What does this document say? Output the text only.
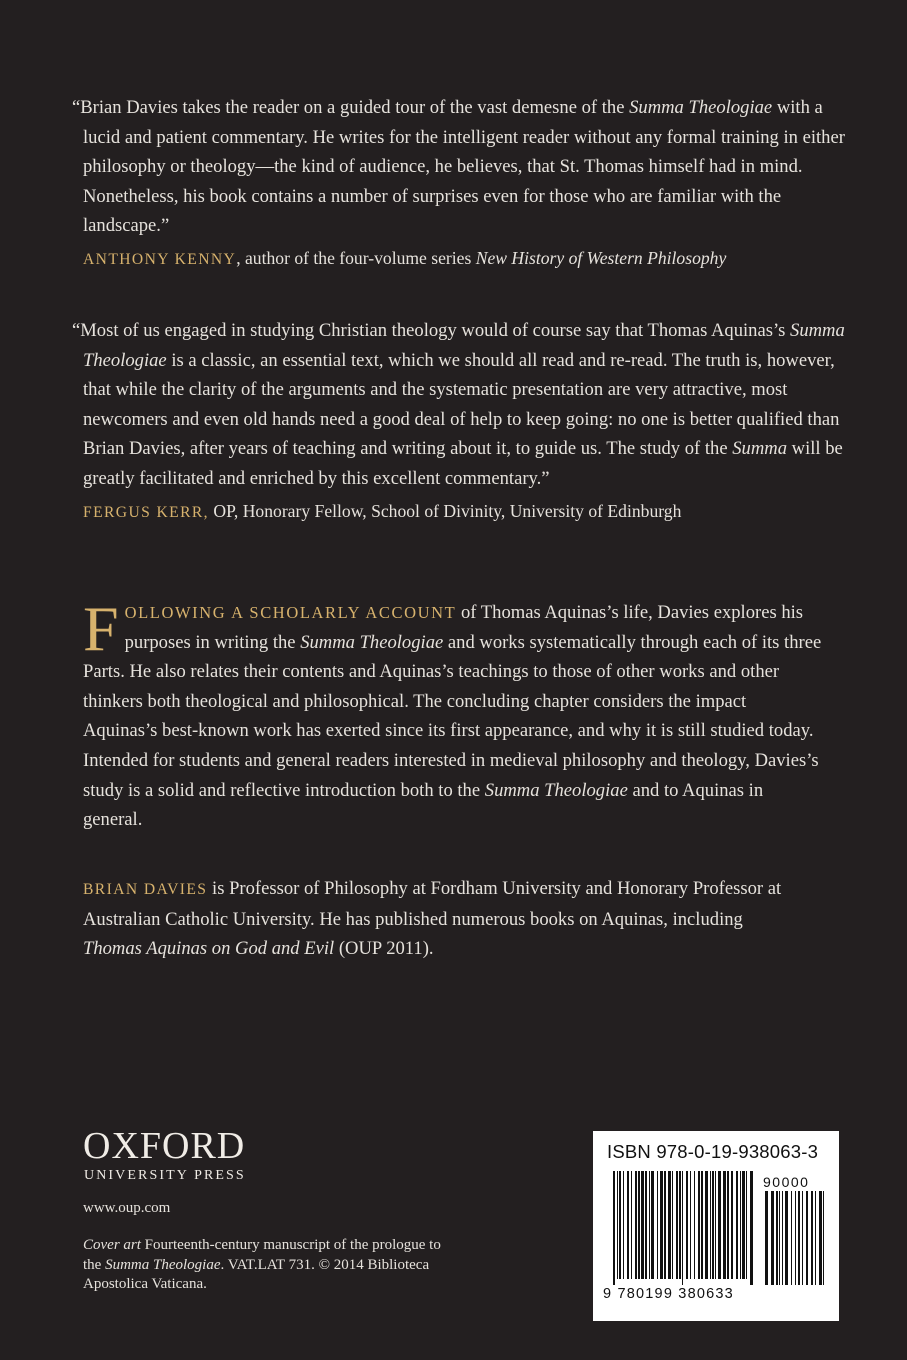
“Brian Davies takes the reader on a guided tour of the vast demesne of the Summa Theologiae with a lucid and patient commentary. He writes for the intelligent reader without any formal training in either philosophy or theology—the kind of audience, he believes, that St. Thomas himself had in mind. Nonetheless, his book contains a number of surprises even for those who are familiar with the landscape.”

ANTHONY KENNY, author of the four-volume series New History of Western Philosophy

“Most of us engaged in studying Christian theology would of course say that Thomas Aquinas’s Summa Theologiae is a classic, an essential text, which we should all read and re-read. The truth is, however, that while the clarity of the arguments and the systematic presentation are very attractive, most newcomers and even old hands need a good deal of help to keep going: no one is better qualified than Brian Davies, after years of teaching and writing about it, to guide us. The study of the Summa will be greatly facilitated and enriched by this excellent commentary.”

FERGUS KERR, OP, Honorary Fellow, School of Divinity, University of Edinburgh

FOLLOWING A SCHOLARLY ACCOUNT of Thomas Aquinas’s life, Davies explores his purposes in writing the Summa Theologiae and works systematically through each of its three Parts. He also relates their contents and Aquinas’s teachings to those of other works and other thinkers both theological and philosophical. The concluding chapter considers the impact Aquinas’s best-known work has exerted since its first appearance, and why it is still studied today. Intended for students and general readers interested in medieval philosophy and theology, Davies’s study is a solid and reflective introduction both to the Summa Theologiae and to Aquinas in general.

BRIAN DAVIES is Professor of Philosophy at Fordham University and Honorary Professor at Australian Catholic University. He has published numerous books on Aquinas, including Thomas Aquinas on God and Evil (OUP 2011).

OXFORD

UNIVERSITY PRESS

www.oup.com

Cover art Fourteenth-century manuscript of the prologue to the Summa Theologiae. VAT.LAT 731. © 2014 Biblioteca Apostolica Vaticana.

ISBN 978-0-19-938063-3

90000

9 780199 380633
